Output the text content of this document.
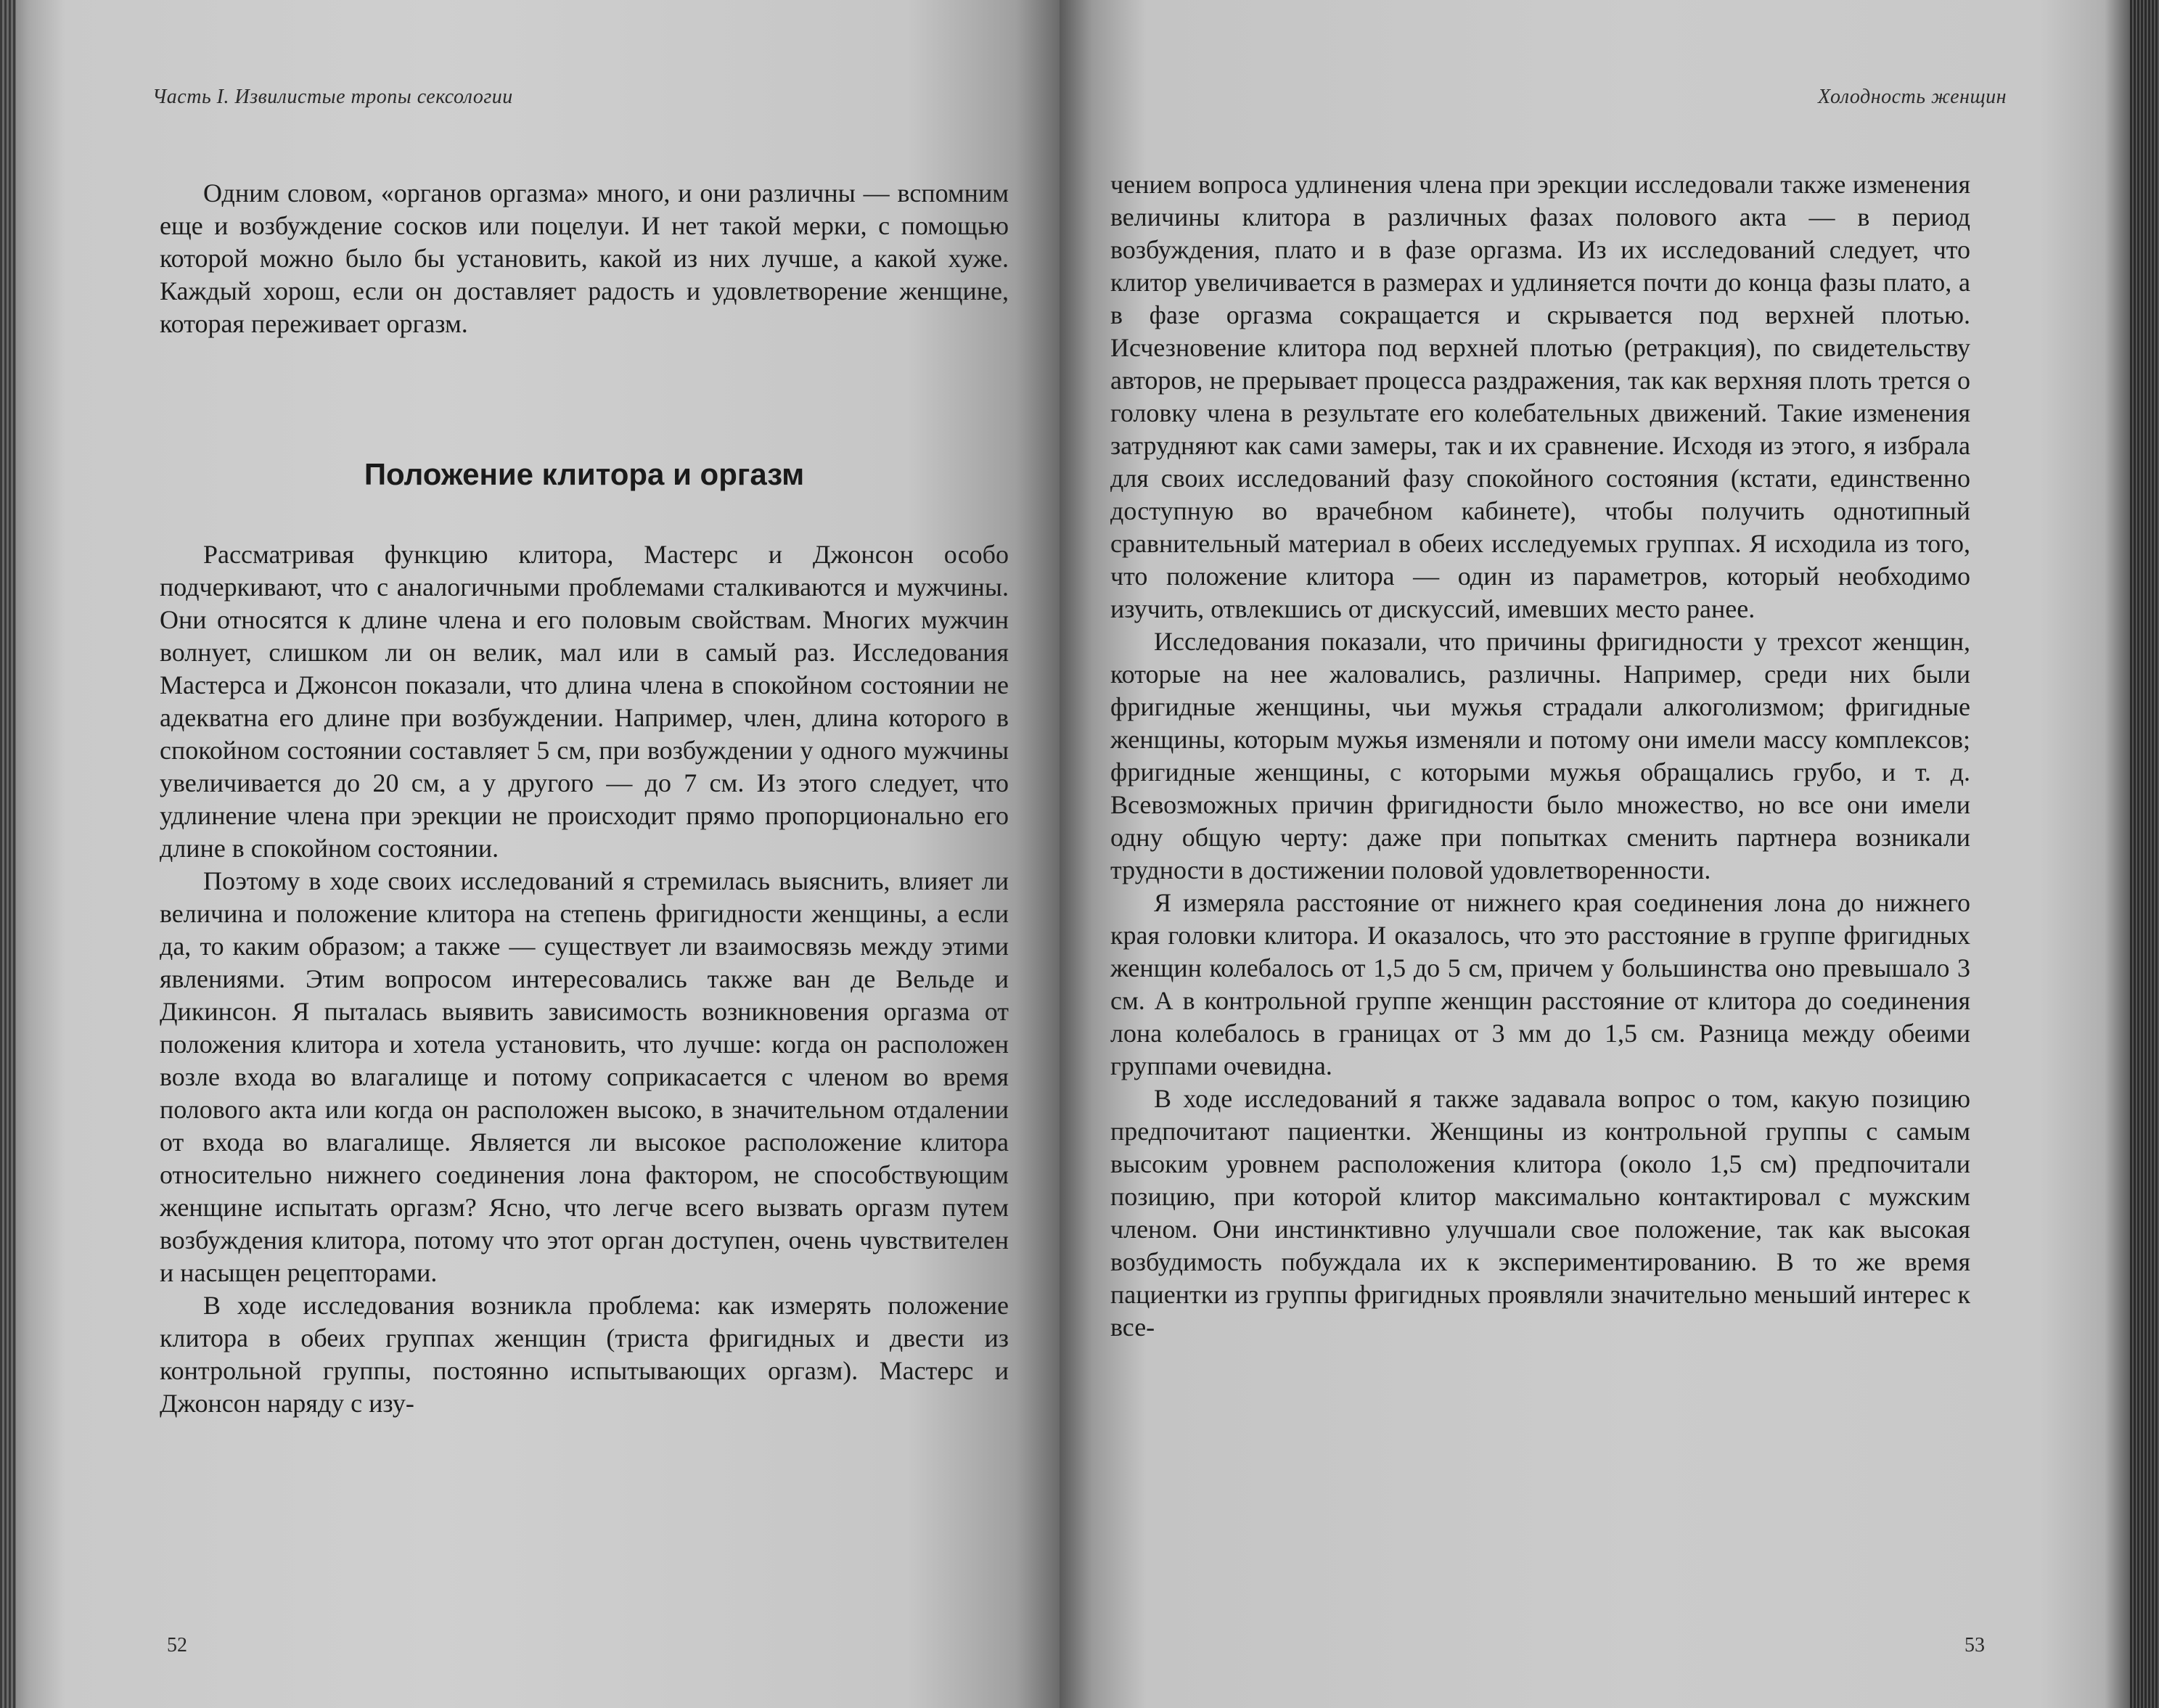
Часть I. Извилистые тропы сексологии

Одним словом, «органов оргазма» много, и они различны — вспомним еще и возбуждение сосков или поцелуи. И нет такой мерки, с помощью которой можно было бы установить, какой из них лучше, а какой хуже. Каждый хорош, если он доставляет радость и удовлетворение женщине, которая переживает оргазм.

Положение клитора и оргазм

Рассматривая функцию клитора, Мастерс и Джонсон особо подчеркивают, что с аналогичными проблемами сталкиваются и мужчины. Они относятся к длине члена и его половым свойствам. Многих мужчин волнует, слишком ли он велик, мал или в самый раз. Исследования Мастерса и Джонсон показали, что длина члена в спокойном состоянии не адекватна его длине при возбуждении. Например, член, длина которого в спокойном состоянии составляет 5 см, при возбуждении у одного мужчины увеличивается до 20 см, а у другого — до 7 см. Из этого следует, что удлинение члена при эрекции не происходит прямо пропорционально его длине в спокойном состоянии.

Поэтому в ходе своих исследований я стремилась выяснить, влияет ли величина и положение клитора на степень фригидности женщины, а если да, то каким образом; а также — существует ли взаимосвязь между этими явлениями. Этим вопросом интересовались также ван де Вельде и Дикинсон. Я пыталась выявить зависимость возникновения оргазма от положения клитора и хотела установить, что лучше: когда он расположен возле входа во влагалище и потому соприкасается с членом во время полового акта или когда он расположен высоко, в значительном отдалении от входа во влагалище. Является ли высокое расположение клитора относительно нижнего соединения лона фактором, не способствующим женщине испытать оргазм? Ясно, что легче всего вызвать оргазм путем возбуждения клитора, потому что этот орган доступен, очень чувствителен и насыщен рецепторами.

В ходе исследования возникла проблема: как измерять положение клитора в обеих группах женщин (триста фригидных и двести из контрольной группы, постоянно испытывающих оргазм). Мастерс и Джонсон наряду с изу-

52
Холодность женщин

чением вопроса удлинения члена при эрекции исследовали также изменения величины клитора в различных фазах полового акта — в период возбуждения, плато и в фазе оргазма. Из их исследований следует, что клитор увеличивается в размерах и удлиняется почти до конца фазы плато, а в фазе оргазма сокращается и скрывается под верхней плотью. Исчезновение клитора под верхней плотью (ретракция), по свидетельству авторов, не прерывает процесса раздражения, так как верхняя плоть трется о головку члена в результате его колебательных движений. Такие изменения затрудняют как сами замеры, так и их сравнение. Исходя из этого, я избрала для своих исследований фазу спокойного состояния (кстати, единственно доступную во врачебном кабинете), чтобы получить однотипный сравнительный материал в обеих исследуемых группах. Я исходила из того, что положение клитора — один из параметров, который необходимо изучить, отвлекшись от дискуссий, имевших место ранее.

Исследования показали, что причины фригидности у трехсот женщин, которые на нее жаловались, различны. Например, среди них были фригидные женщины, чьи мужья страдали алкоголизмом; фригидные женщины, которым мужья изменяли и потому они имели массу комплексов; фригидные женщины, с которыми мужья обращались грубо, и т. д. Всевозможных причин фригидности было множество, но все они имели одну общую черту: даже при попытках сменить партнера возникали трудности в достижении половой удовлетворенности.

Я измеряла расстояние от нижнего края соединения лона до нижнего края головки клитора. И оказалось, что это расстояние в группе фригидных женщин колебалось от 1,5 до 5 см, причем у большинства оно превышало 3 см. А в контрольной группе женщин расстояние от клитора до соединения лона колебалось в границах от 3 мм до 1,5 см. Разница между обеими группами очевидна.

В ходе исследований я также задавала вопрос о том, какую позицию предпочитают пациентки. Женщины из контрольной группы с самым высоким уровнем расположения клитора (около 1,5 см) предпочитали позицию, при которой клитор максимально контактировал с мужским членом. Они инстинктивно улучшали свое положение, так как высокая возбудимость побуждала их к экспериментированию. В то же время пациентки из группы фригидных проявляли значительно меньший интерес к все-

53
